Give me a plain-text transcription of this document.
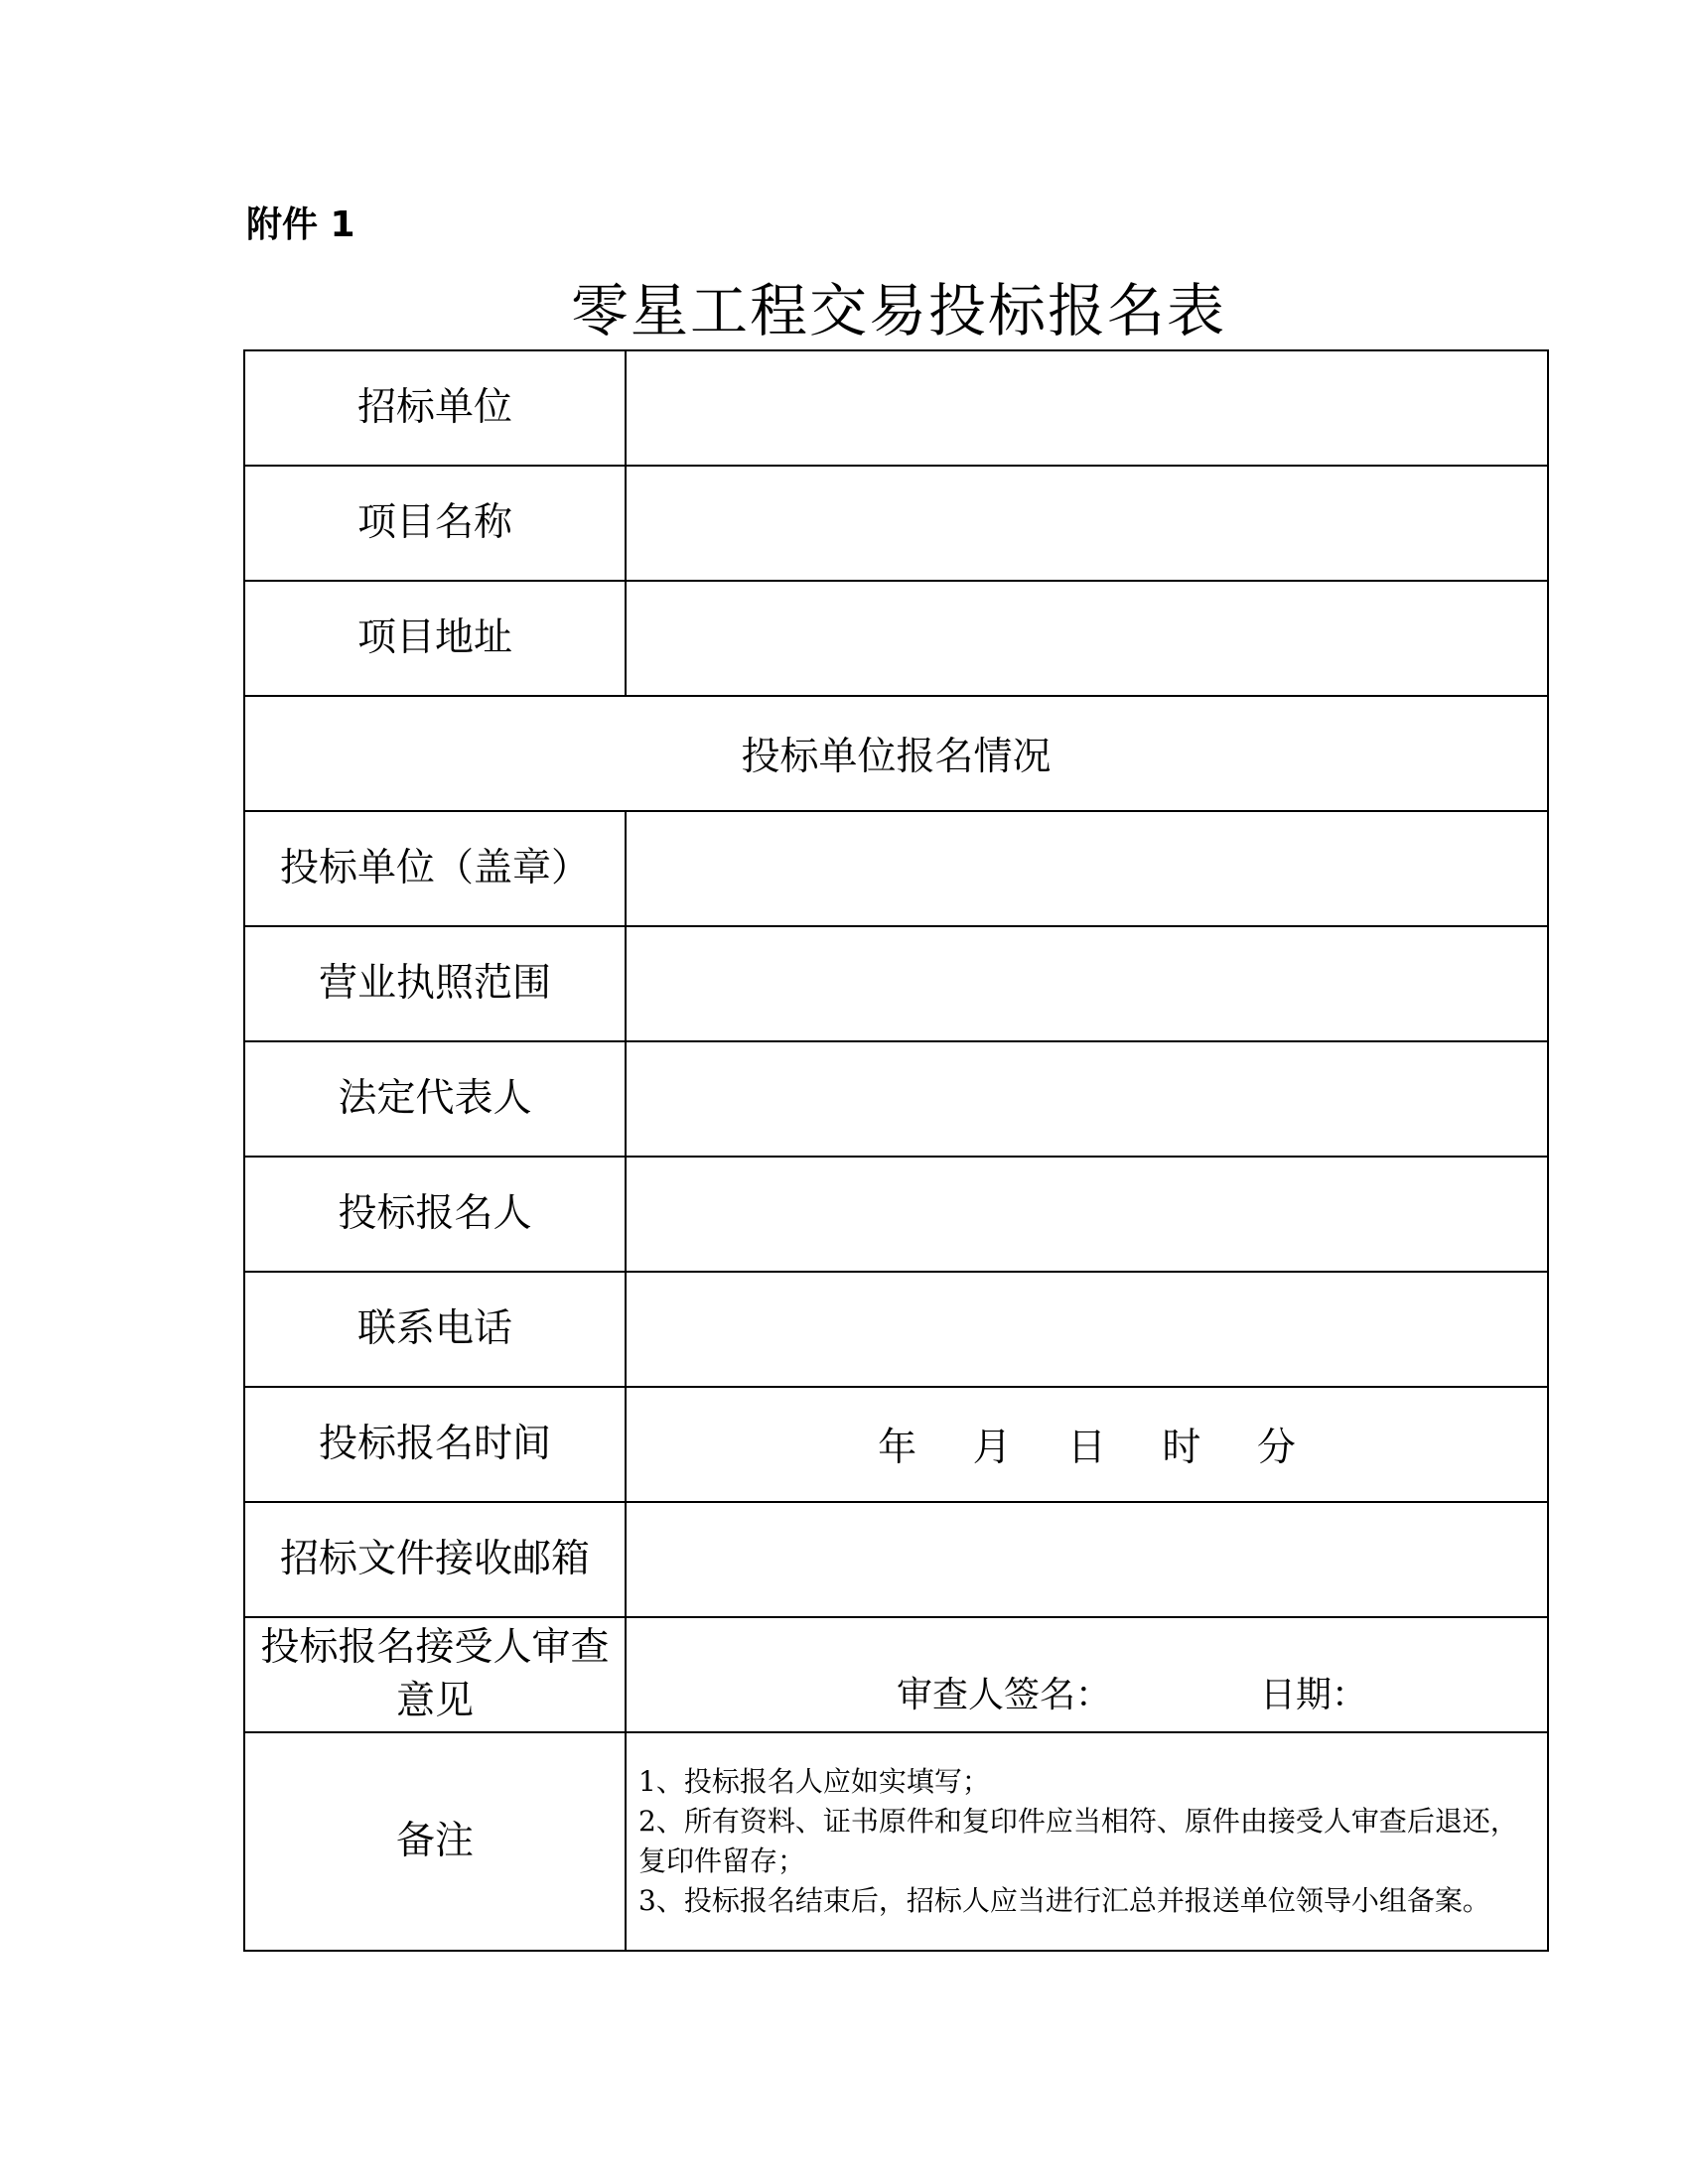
附件 1
零星工程交易投标报名表
招标单位	
项目名称	
项目地址	
投标单位报名情况	
投标单位（盖章）	
营业执照范围	
法定代表人	
投标报名人	
联系电话	
投标报名时间	年 月 日 时 分
招标文件接收邮箱	
投标报名接受人审查意见	审查人签名： 日期：

备注	1、投标报名人应如实填写；
2、所有资料、证书原件和复印件应当相符、原件由接受人审查后退还，复印件留存；
3、投标报名结束后，招标人应当进行汇总并报送单位领导小组备案。
